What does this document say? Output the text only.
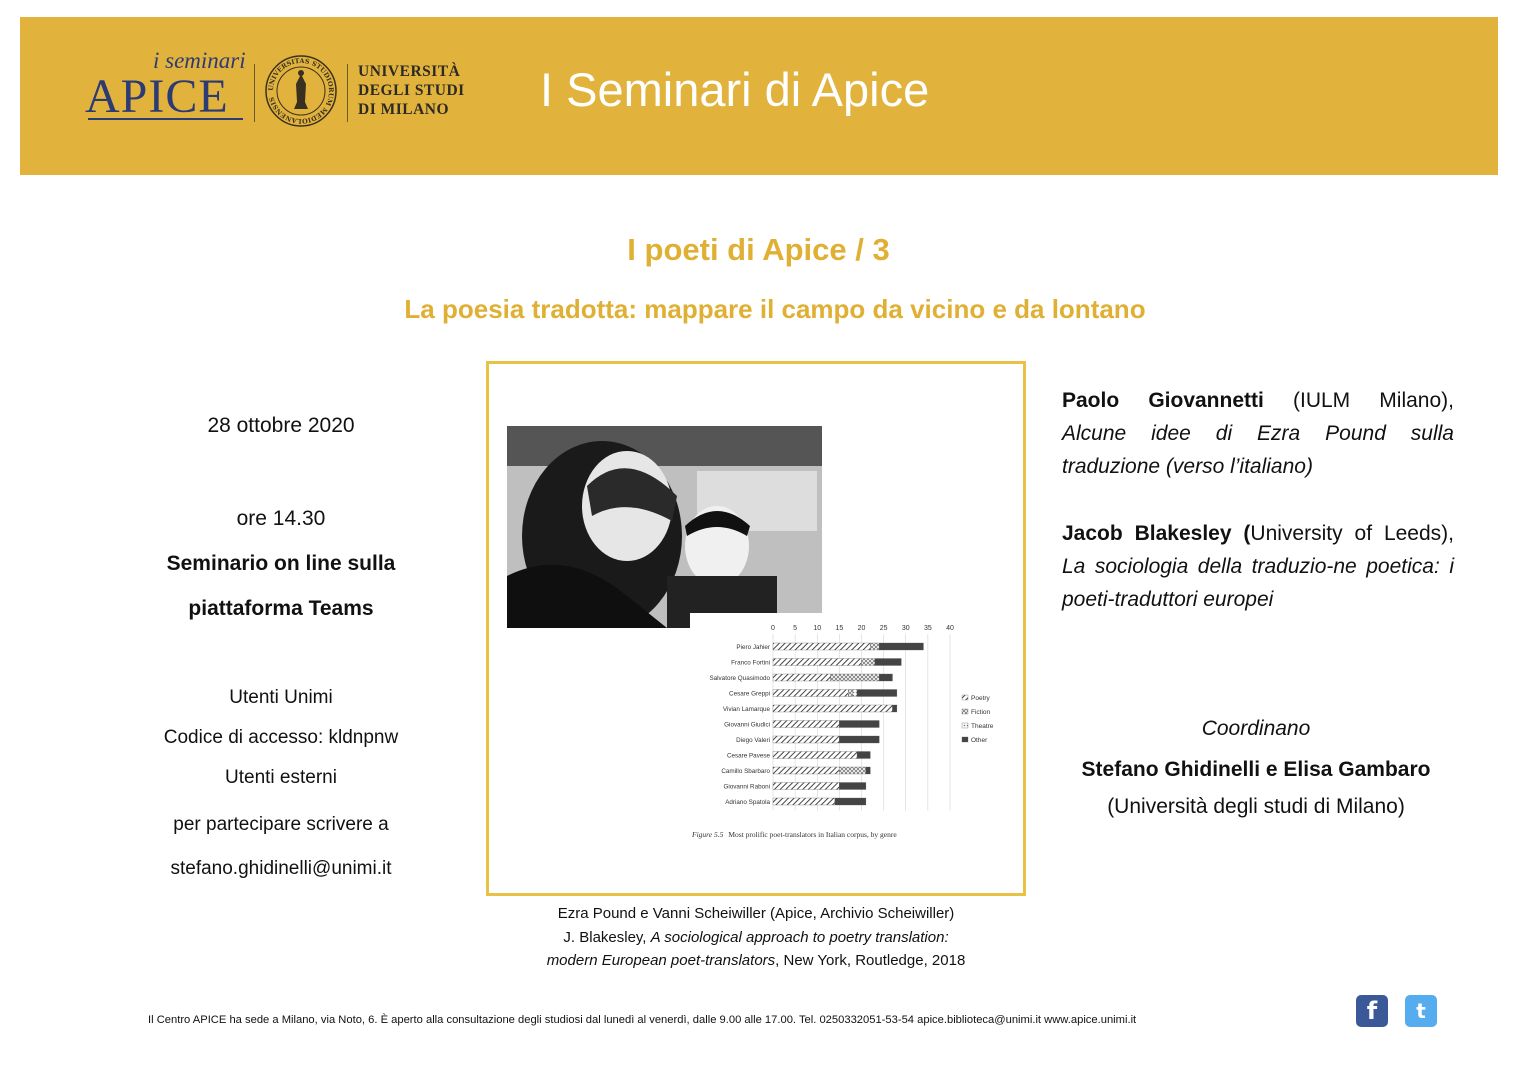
i seminari
APICE	UNIVERSITAS STUDIORUM MEDIOLANENSIS
UNIVERSITÀ
DEGLI STUDI
DI MILANO	I Seminari di Apice
I poeti di Apice / 3
La poesia tradotta: mappare il campo da vicino e da lontano
28 ottobre 2020
ore 14.30
Seminario on line sulla
piattaforma Teams
Utenti Unimi
Codice di accesso: kldnpnw
Utenti esterni
per partecipare scrivere a
stefano.ghidinelli@unimi.it
0	5 10 15 20 25 30 35 40
Piero Jahier
Franco Fortini
Salvatore Quasimodo
Cesare Greppi
Vivian Lamarque
Giovanni Giudici
Diego Valeri
Cesare Pavese
Camillo Sbarbaro
Giovanni Raboni
Adriano Spatola
Poetry
Fiction
Theatre
Other
Figure 5.5 Most prolific poet-translators in Italian corpus, by genre
Ezra Pound e Vanni Scheiwiller (Apice, Archivio Scheiwiller)
J. Blakesley, A sociological approach to poetry translation:
modern European poet-translators, New York, Routledge, 2018
Paolo Giovannetti (IULM Milano), Alcune idee di Ezra Pound sulla traduzione (verso l’italiano)
Jacob Blakesley (University of Leeds), La sociologia della traduzio-ne poetica: i poeti-traduttori europei
Coordinano
Stefano Ghidinelli e Elisa Gambaro
(Università degli studi di Milano)
Il Centro APICE ha sede a Milano, via Noto, 6. È aperto alla consultazione degli studiosi dal lunedì al venerdì, dalle 9.00 alle 17.00. Tel. 0250332051-53-54 apice.biblioteca@unimi.it www.apice.unimi.it	f	t
